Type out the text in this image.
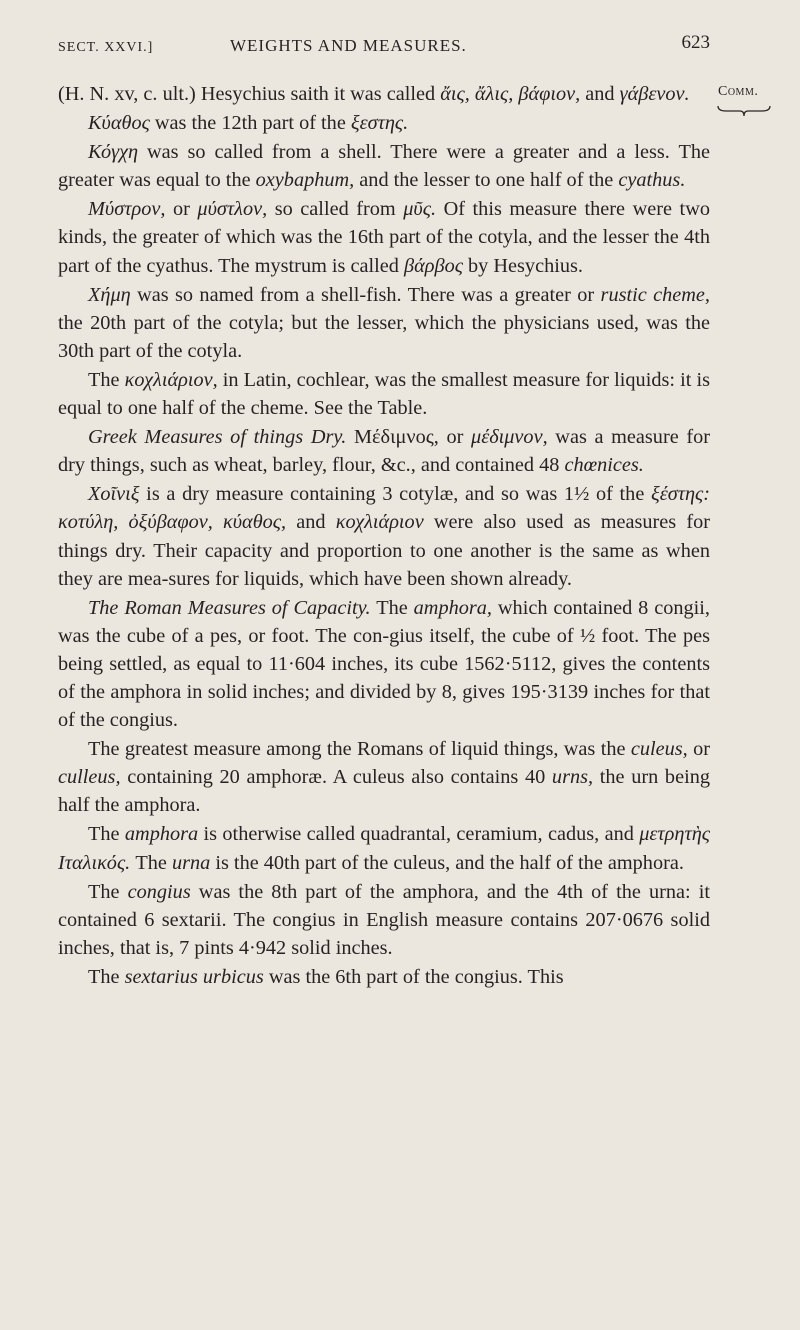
SECT. XXVI.]	WEIGHTS AND MEASURES.	623
Comm.

(H. N. xv, c. ult.) Hesychius saith it was called ἄις, ἄλις, βάφιον, and γάβενον.

Κύαθος was the 12th part of the ξεστης.

Κόγχη was so called from a shell. There were a greater and a less. The greater was equal to the oxybaphum, and the lesser to one half of the cyathus.

Μύστρον, or μύστλον, so called from μῦς. Of this measure there were two kinds, the greater of which was the 16th part of the cotyla, and the lesser the 4th part of the cyathus. The mystrum is called βάρβος by Hesychius.

Χήμη was so named from a shell-fish. There was a greater or rustic cheme, the 20th part of the cotyla; but the lesser, which the physicians used, was the 30th part of the cotyla.

The κοχλιάριον, in Latin, cochlear, was the smallest measure for liquids: it is equal to one half of the cheme. See the Table.

Greek Measures of things Dry. Μέδιμνος, or μέδιμνον, was a measure for dry things, such as wheat, barley, flour, &c., and contained 48 chœnices.

Χοῖνιξ is a dry measure containing 3 cotylæ, and so was 1½ of the ξέστης: κοτύλη, ὀξύβαφον, κύαθος, and κοχλιάριον were also used as measures for things dry. Their capacity and proportion to one another is the same as when they are mea-sures for liquids, which have been shown already.

The Roman Measures of Capacity. The amphora, which contained 8 congii, was the cube of a pes, or foot. The con-gius itself, the cube of ½ foot. The pes being settled, as equal to 11·604 inches, its cube 1562·5112, gives the contents of the amphora in solid inches; and divided by 8, gives 195·3139 inches for that of the congius.

The greatest measure among the Romans of liquid things, was the culeus, or culleus, containing 20 amphoræ. A culeus also contains 40 urns, the urn being half the amphora.

The amphora is otherwise called quadrantal, ceramium, cadus, and μετρητὴς Ιταλικός. The urna is the 40th part of the culeus, and the half of the amphora.

The congius was the 8th part of the amphora, and the 4th of the urna: it contained 6 sextarii. The congius in English measure contains 207·0676 solid inches, that is, 7 pints 4·942 solid inches.

The sextarius urbicus was the 6th part of the congius. This
